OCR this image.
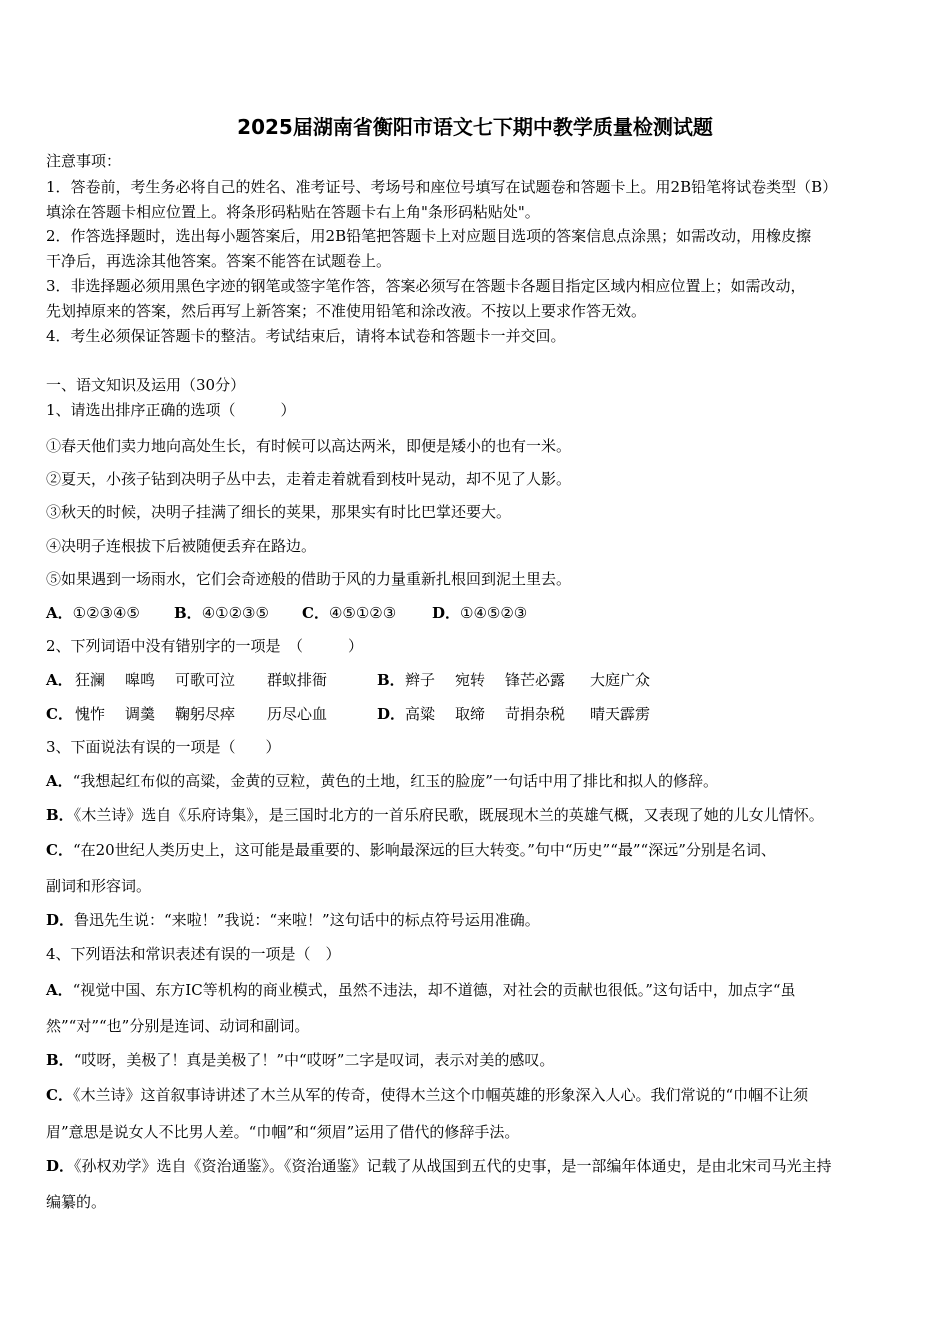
2025届湖南省衡阳市语文七下期中教学质量检测试题
注意事项：
1．答卷前，考生务必将自己的姓名、准考证号、考场号和座位号填写在试题卷和答题卡上。用2B铅笔将试卷类型（B）
填涂在答题卡相应位置上。将条形码粘贴在答题卡右上角"条形码粘贴处"。
2．作答选择题时，选出每小题答案后，用2B铅笔把答题卡上对应题目选项的答案信息点涂黑；如需改动，用橡皮擦
干净后，再选涂其他答案。答案不能答在试题卷上。
3．非选择题必须用黑色字迹的钢笔或签字笔作答，答案必须写在答题卡各题目指定区域内相应位置上；如需改动，
先划掉原来的答案，然后再写上新答案；不准使用铅笔和涂改液。不按以上要求作答无效。
4．考生必须保证答题卡的整洁。考试结束后，请将本试卷和答题卡一并交回。
一、语文知识及运用（30分）
1、请选出排序正确的选项（　　　）
①春天他们卖力地向高处生长，有时候可以高达两米，即便是矮小的也有一米。
②夏天，小孩子钻到决明子丛中去，走着走着就看到枝叶晃动，却不见了人影。
③秋天的时候，决明子挂满了细长的荚果，那果实有时比巴掌还要大。
④决明子连根拔下后被随便丢弃在路边。
⑤如果遇到一场雨水，它们会奇迹般的借助于风的力量重新扎根回到泥土里去。
A．①②③④⑤ B．④①②③⑤ C．④⑤①②③ D．①④⑤②③
2、下列词语中没有错别字的一项是　（　　　）
A． 狂澜 嗥鸣 可歌可泣 群蚁排衙	B． 辫子 宛转 锋芒必露 大庭广众
C． 愧怍 调羹 鞠躬尽瘁 历尽心血	D． 高粱 取缔 苛捐杂税 晴天霹雳
3、下面说法有误的一项是（　　）
A．“我想起红布似的高粱，金黄的豆粒，黄色的土地，红玉的脸庞”一句话中用了排比和拟人的修辞。
B．《木兰诗》选自《乐府诗集》，是三国时北方的一首乐府民歌，既展现木兰的英雄气概，又表现了她的儿女儿情怀。
C．“在20世纪人类历史上，这可能是最重要的、影响最深远的巨大转变。”句中“历史”“最”“深远”分别是名词、
副词和形容词。
D．鲁迅先生说：“来啦！”我说：“来啦！”这句话中的标点符号运用准确。
4、下列语法和常识表述有误的一项是（　）
A．“视觉中国、东方IC等机构的商业模式，虽然不违法，却不道德，对社会的贡献也很低。”这句话中，加点字“虽
然”“对”“也”分别是连词、动词和副词。
B．“哎呀，美极了！真是美极了！”中“哎呀”二字是叹词，表示对美的感叹。
C．《木兰诗》这首叙事诗讲述了木兰从军的传奇，使得木兰这个巾帼英雄的形象深入人心。我们常说的“巾帼不让须
眉”意思是说女人不比男人差。“巾帼”和“须眉”运用了借代的修辞手法。
D．《孙权劝学》选自《资治通鉴》。《资治通鉴》记载了从战国到五代的史事，是一部编年体通史，是由北宋司马光主持
编纂的。
